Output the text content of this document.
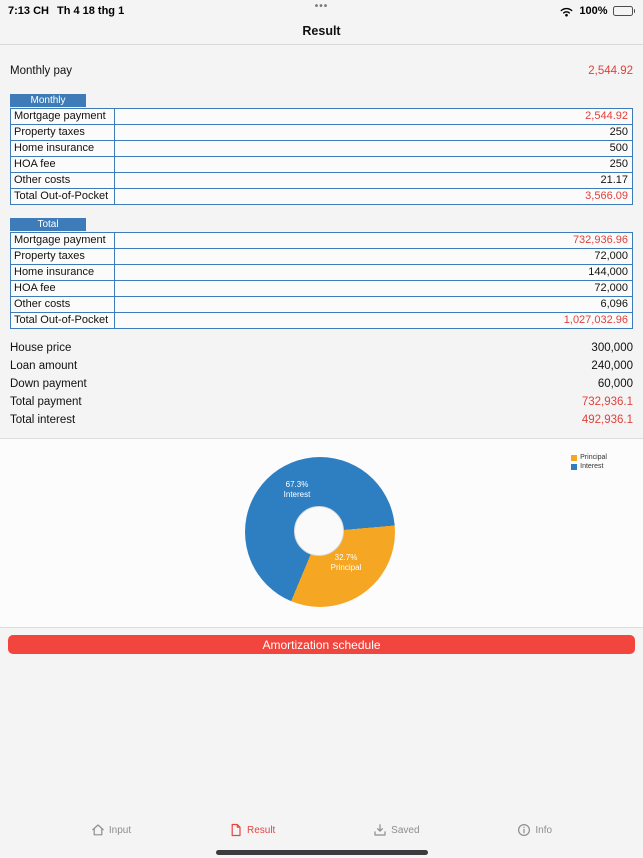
7:13 CH Th 4 18 thg 1	•••	100%
Result
Monthly pay	2,544.92
Monthly
Mortgage payment	2,544.92
Property taxes	250
Home insurance	500
HOA fee	250
Other costs	21.17
Total Out-of-Pocket	3,566.09
Total
Mortgage payment	732,936.96
Property taxes	72,000
Home insurance	144,000
HOA fee	72,000
Other costs	6,096
Total Out-of-Pocket	1,027,032.96
House price	300,000
Loan amount	240,000
Down payment	60,000
Total payment	732,936.1
Total interest	492,936.1
67.3%
Interest
32.7%
Principal
Principal
Interest
Amortization schedule
Input	Result	Saved	Info
